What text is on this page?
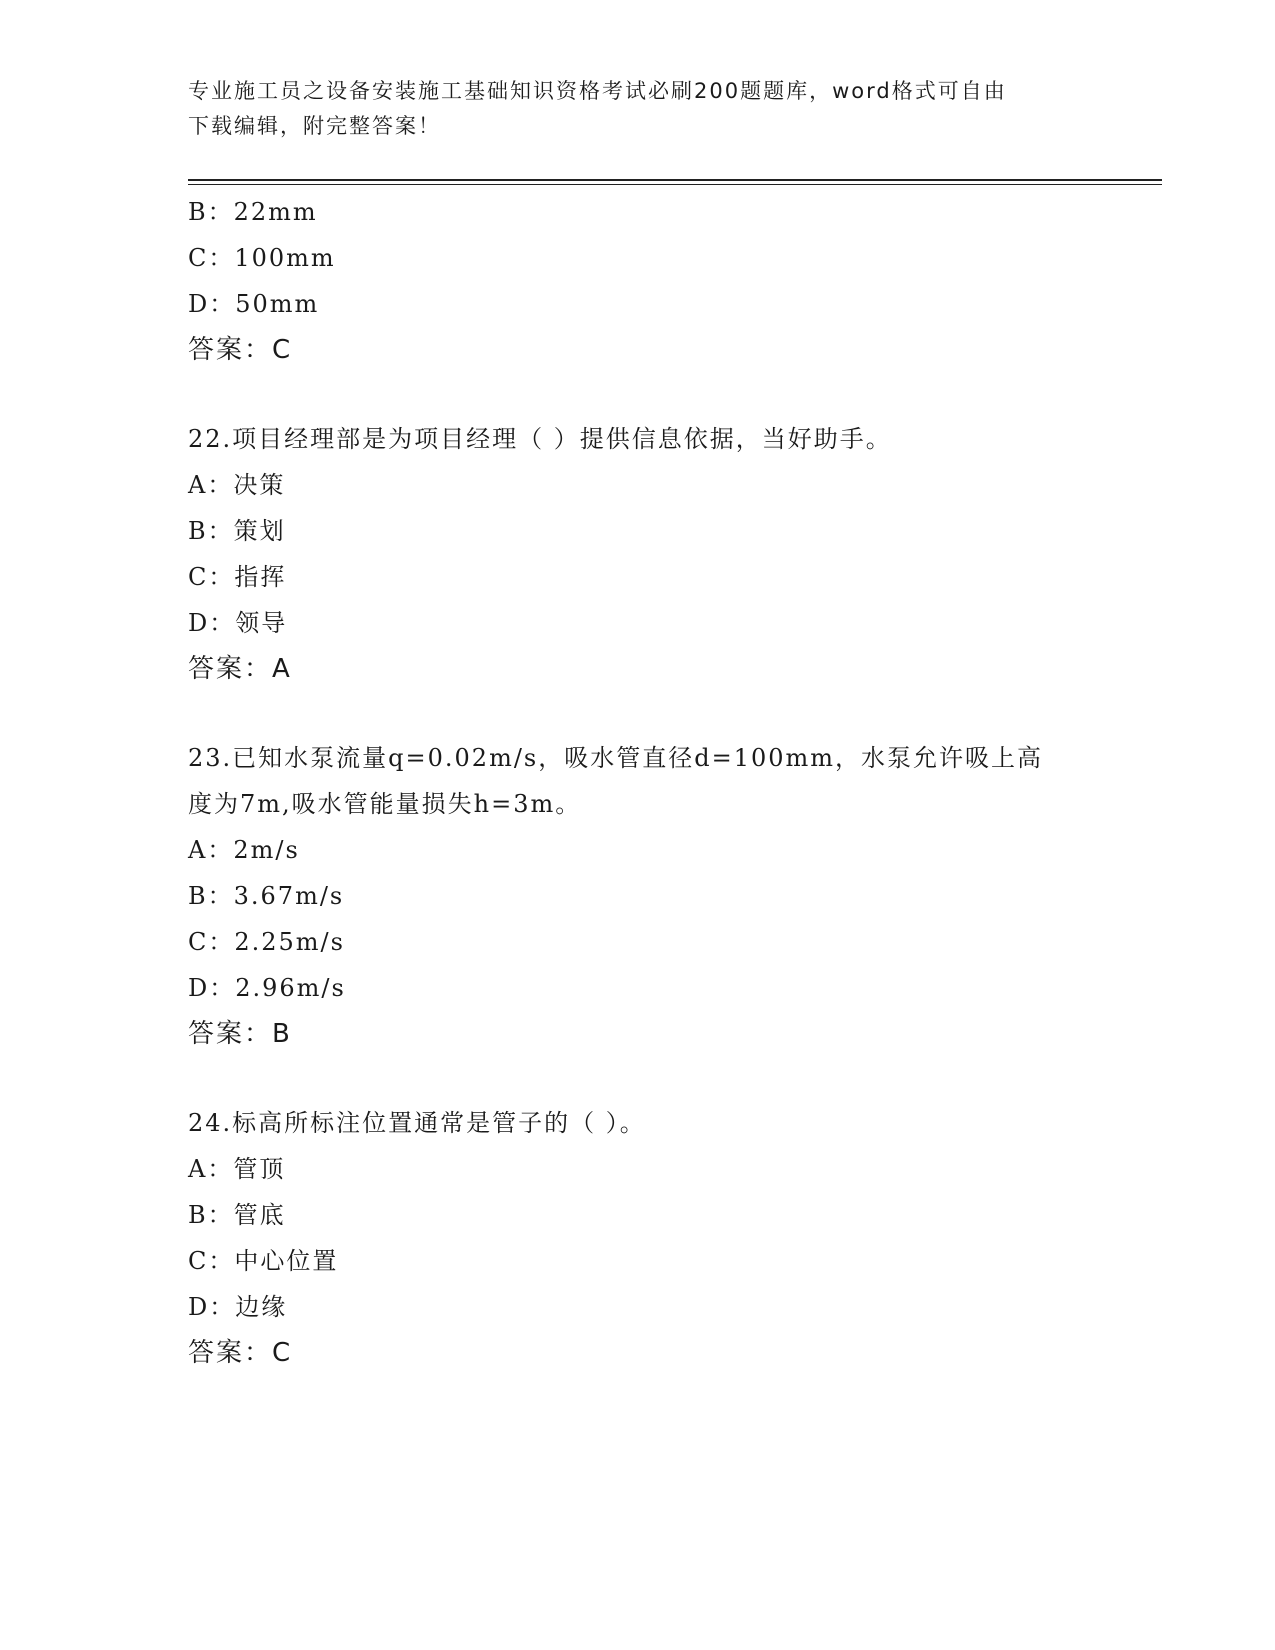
专业施工员之设备安装施工基础知识资格考试必刷200题题库，word格式可自由
下载编辑，附完整答案！
B：22mm
C：100mm
D：50mm
答案：C
22.项目经理部是为项目经理（ ）提供信息依据，当好助手。
A：决策
B：策划
C：指挥
D：领导
答案：A
23.已知水泵流量q=0.02m/s，吸水管直径d=100mm，水泵允许吸上高
度为7m,吸水管能量损失h=3m。
A：2m/s
B：3.67m/s
C：2.25m/s
D：2.96m/s
答案：B
24.标高所标注位置通常是管子的（ ）。
A：管顶
B：管底
C：中心位置
D：边缘
答案：C
